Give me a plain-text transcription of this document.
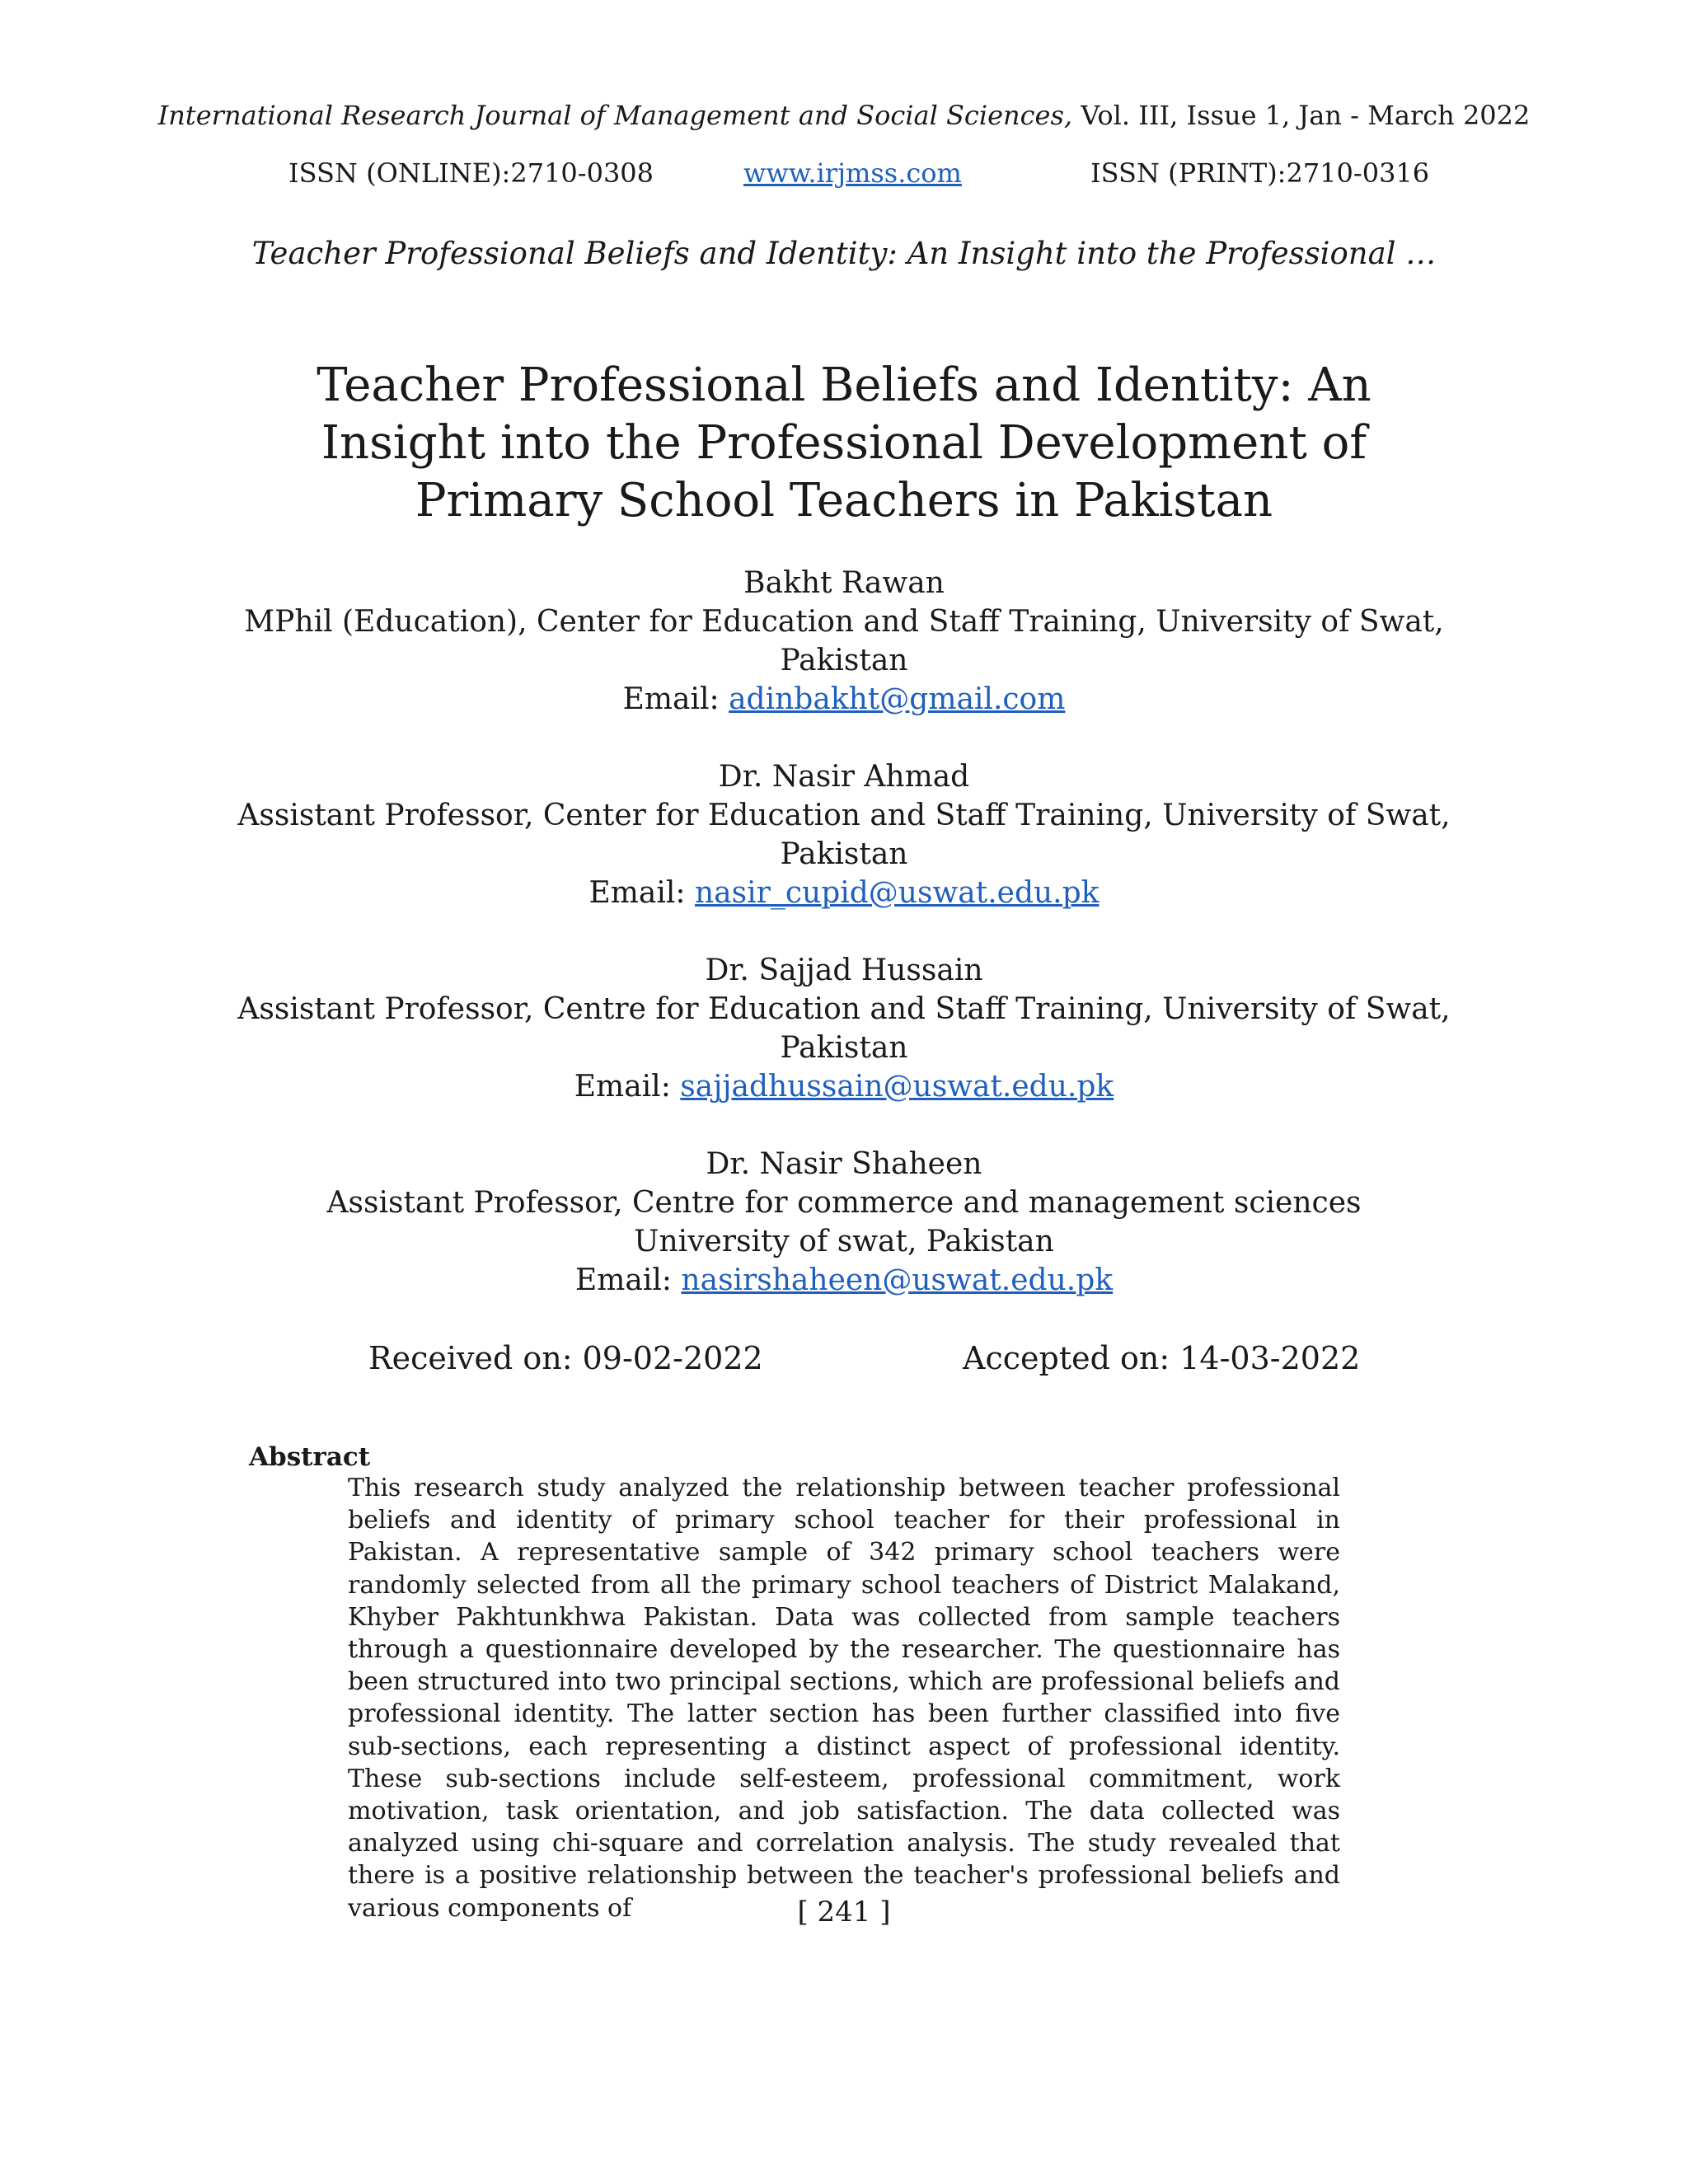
International Research Journal of Management and Social Sciences, Vol. III, Issue 1, Jan - March 2022
ISSN (ONLINE):2710-0308	www.irjmss.com	ISSN (PRINT):2710-0316
Teacher Professional Beliefs and Identity: An Insight into the Professional …
Teacher Professional Beliefs and Identity: An Insight into the Professional Development of Primary School Teachers in Pakistan
Bakht Rawan
MPhil (Education), Center for Education and Staff Training, University of Swat, Pakistan
Email: adinbakht@gmail.com
Dr. Nasir Ahmad
Assistant Professor, Center for Education and Staff Training, University of Swat, Pakistan
Email: nasir_cupid@uswat.edu.pk
Dr. Sajjad Hussain
Assistant Professor, Centre for Education and Staff Training, University of Swat, Pakistan
Email: sajjadhussain@uswat.edu.pk
Dr. Nasir Shaheen
Assistant Professor, Centre for commerce and management sciences
University of swat, Pakistan
Email: nasirshaheen@uswat.edu.pk
Received on: 09-02-2022	Accepted on: 14-03-2022
Abstract

This research study analyzed the relationship between teacher professional beliefs and identity of primary school teacher for their professional in Pakistan. A representative sample of 342 primary school teachers were randomly selected from all the primary school teachers of District Malakand, Khyber Pakhtunkhwa Pakistan. Data was collected from sample teachers through a questionnaire developed by the researcher. The questionnaire has been structured into two principal sections, which are professional beliefs and professional identity. The latter section has been further classified into five sub-sections, each representing a distinct aspect of professional identity. These sub-sections include self-esteem, professional commitment, work motivation, task orientation, and job satisfaction. The data collected was analyzed using chi-square and correlation analysis. The study revealed that there is a positive relationship between the teacher's professional beliefs and various components of	[ 241 ]
